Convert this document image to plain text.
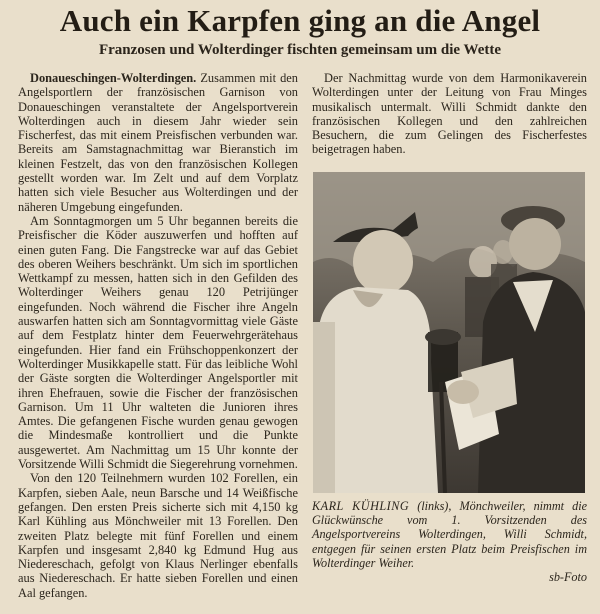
Auch ein Karpfen ging an die Angel
Franzosen und Wolterdinger fischten gemeinsam um die Wette

Donaueschingen-Wolterdingen. Zusammen mit den Angelsportlern der französischen Garnison von Donaueschingen veranstaltete der Angelsportverein Wolterdingen auch in diesem Jahr wieder sein Fischerfest, das mit einem Preisfischen verbunden war. Bereits am Samstagnachmittag war Bieranstich im kleinen Festzelt, das von den französischen Kollegen gestellt worden war. Im Zelt und auf dem Vorplatz hatten sich viele Besucher aus Wolterdingen und der näheren Umgebung eingefunden.

Am Sonntagmorgen um 5 Uhr begannen bereits die Preisfischer die Köder auszuwerfen und hofften auf einen guten Fang. Die Fangstrecke war auf das Gebiet des oberen Weihers beschränkt. Um sich im sportlichen Wettkampf zu messen, hatten sich in den Gefilden des Wolterdinger Weihers genau 120 Petrijünger eingefunden. Noch während die Fischer ihre Angeln auswarfen hatten sich am Sonntagvormittag viele Gäste auf dem Festplatz hinter dem Feuerwehrgerätehaus eingefunden. Hier fand ein Frühschoppenkonzert der Wolterdinger Musikkapelle statt. Für das leibliche Wohl der Gäste sorgten die Wolterdinger Angelsportler mit ihren Ehefrauen, sowie die Fischer der französischen Garnison. Um 11 Uhr walteten die Junioren ihres Amtes. Die gefangenen Fische wurden genau gewogen die Mindesmaße kontrolliert und die Punkte ausgewertet. Am Nachmittag um 15 Uhr konnte der Vorsitzende Willi Schmidt die Siegerehrung vornehmen.

Von den 120 Teilnehmern wurden 102 Forellen, ein Karpfen, sieben Aale, neun Barsche und 14 Weißfische gefangen. Den ersten Preis sicherte sich mit 4,150 kg Karl Kühling aus Mönchweiler mit 13 Forellen. Den zweiten Platz belegte mit fünf Forellen und einem Karpfen und insgesamt 2,840 kg Edmund Hug aus Niedereschach, gefolgt von Klaus Nerlinger ebenfalls aus Niedereschach. Er hatte sieben Forellen und einen Aal gefangen.

Der Nachmittag wurde von dem Harmonikaverein Wolterdingen unter der Leitung von Frau Minges musikalisch untermalt. Willi Schmidt dankte den französischen Kollegen und den zahlreichen Besuchern, die zum Gelingen des Fischerfestes beigetragen haben.

KARL KÜHLING (links), Mönchweiler, nimmt die Glückwünsche vom 1. Vorsitzenden des Angelsportvereins Wolterdingen, Willi Schmidt, entgegen für seinen ersten Platz beim Preisfischen im Wolterdinger Weiher.
sb-Foto
